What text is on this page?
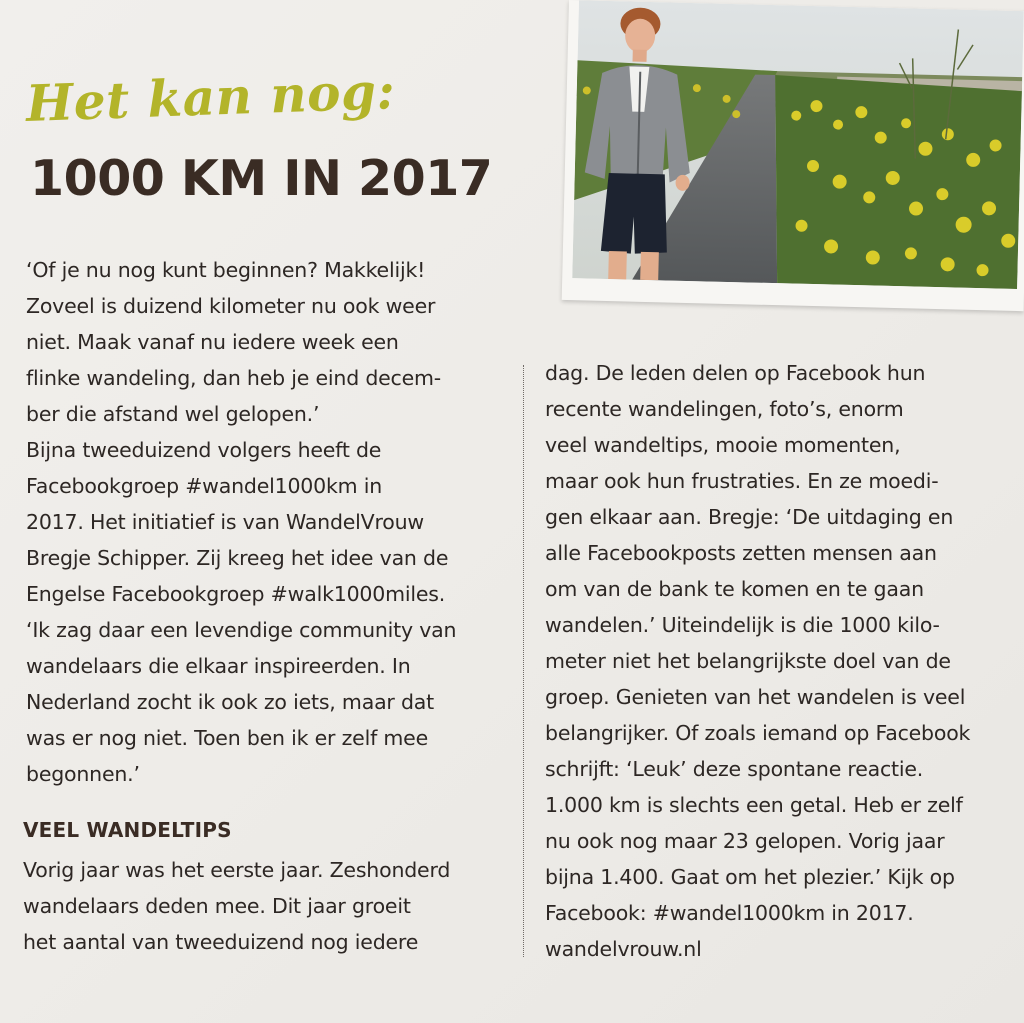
Het kan nog:
1000 KM IN 2017
‘Of je nu nog kunt beginnen? Makkelijk!
Zoveel is duizend kilometer nu ook weer
niet. Maak vanaf nu iedere week een
flinke wandeling, dan heb je eind decem-
ber die afstand wel gelopen.’
Bijna tweeduizend volgers heeft de
Facebookgroep #wandel1000km in
2017. Het initiatief is van WandelVrouw
Bregje Schipper. Zij kreeg het idee van de
Engelse Facebookgroep #walk1000miles.
‘Ik zag daar een levendige community van
wandelaars die elkaar inspireerden. In
Nederland zocht ik ook zo iets, maar dat
was er nog niet. Toen ben ik er zelf mee
begonnen.’
VEEL WANDELTIPS
Vorig jaar was het eerste jaar. Zeshonderd
wandelaars deden mee. Dit jaar groeit
het aantal van tweeduizend nog iedere
dag. De leden delen op Facebook hun
recente wandelingen, foto’s, enorm
veel wandeltips, mooie momenten,
maar ook hun frustraties. En ze moedi-
gen elkaar aan. Bregje: ‘De uitdaging en
alle Facebookposts zetten mensen aan
om van de bank te komen en te gaan
wandelen.’ Uiteindelijk is die 1000 kilo-
meter niet het belangrijkste doel van de
groep. Genieten van het wandelen is veel
belangrijker. Of zoals iemand op Facebook
schrijft: ‘Leuk’ deze spontane reactie.
1.000 km is slechts een getal. Heb er zelf
nu ook nog maar 23 gelopen. Vorig jaar
bijna 1.400. Gaat om het plezier.’ Kijk op
Facebook: #wandel1000km in 2017.
wandelvrouw.nl
